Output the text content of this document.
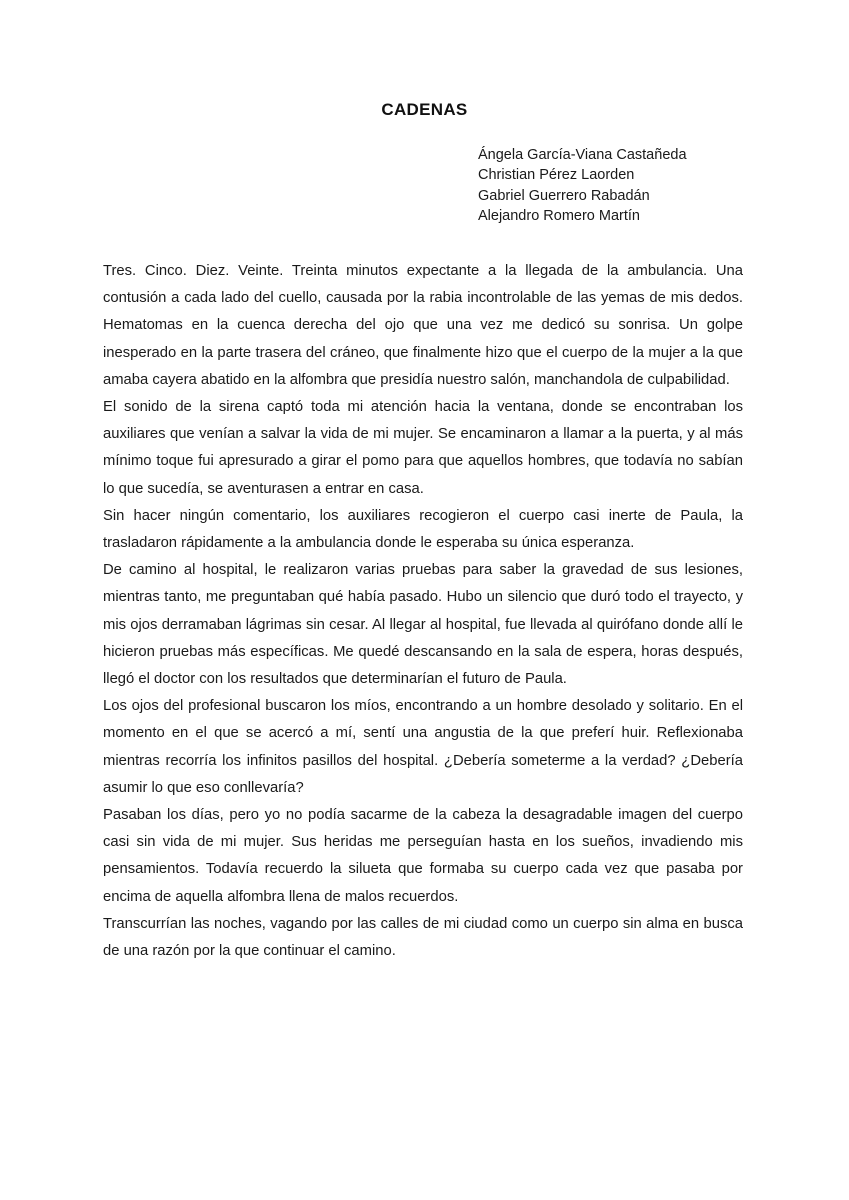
CADENAS
Ángela García-Viana Castañeda
Christian Pérez Laorden
Gabriel Guerrero Rabadán
Alejandro Romero Martín

Tres. Cinco. Diez. Veinte. Treinta minutos expectante a la llegada de la ambulancia. Una contusión a cada lado del cuello, causada por la rabia incontrolable de las yemas de mis dedos. Hematomas en la cuenca derecha del ojo que una vez me dedicó su sonrisa. Un golpe inesperado en la parte trasera del cráneo, que finalmente hizo que el cuerpo de la mujer a la que amaba cayera abatido en la alfombra que presidía nuestro salón, manchandola de culpabilidad.

El sonido de la sirena captó toda mi atención hacia la ventana, donde se encontraban los auxiliares que venían a salvar la vida de mi mujer. Se encaminaron a llamar a la puerta, y al más mínimo toque fui apresurado a girar el pomo para que aquellos hombres, que todavía no sabían lo que sucedía, se aventurasen a entrar en casa.

Sin hacer ningún comentario, los auxiliares recogieron el cuerpo casi inerte de Paula, la trasladaron rápidamente a la ambulancia donde le esperaba su única esperanza.

De camino al hospital, le realizaron varias pruebas para saber la gravedad de sus lesiones, mientras tanto, me preguntaban qué había pasado. Hubo un silencio que duró todo el trayecto, y mis ojos derramaban lágrimas sin cesar. Al llegar al hospital, fue llevada al quirófano donde allí le hicieron pruebas más específicas. Me quedé descansando en la sala de espera, horas después, llegó el doctor con los resultados que determinarían el futuro de Paula.

Los ojos del profesional buscaron los míos, encontrando a un hombre desolado y solitario. En el momento en el que se acercó a mí, sentí una angustia de la que preferí huir. Reflexionaba mientras recorría los infinitos pasillos del hospital. ¿Debería someterme a la verdad? ¿Debería asumir lo que eso conllevaría?

Pasaban los días, pero yo no podía sacarme de la cabeza la desagradable imagen del cuerpo casi sin vida de mi mujer. Sus heridas me perseguían hasta en los sueños, invadiendo mis pensamientos. Todavía recuerdo la silueta que formaba su cuerpo cada vez que pasaba por encima de aquella alfombra llena de malos recuerdos.

Transcurrían las noches, vagando por las calles de mi ciudad como un cuerpo sin alma en busca de una razón por la que continuar el camino.
